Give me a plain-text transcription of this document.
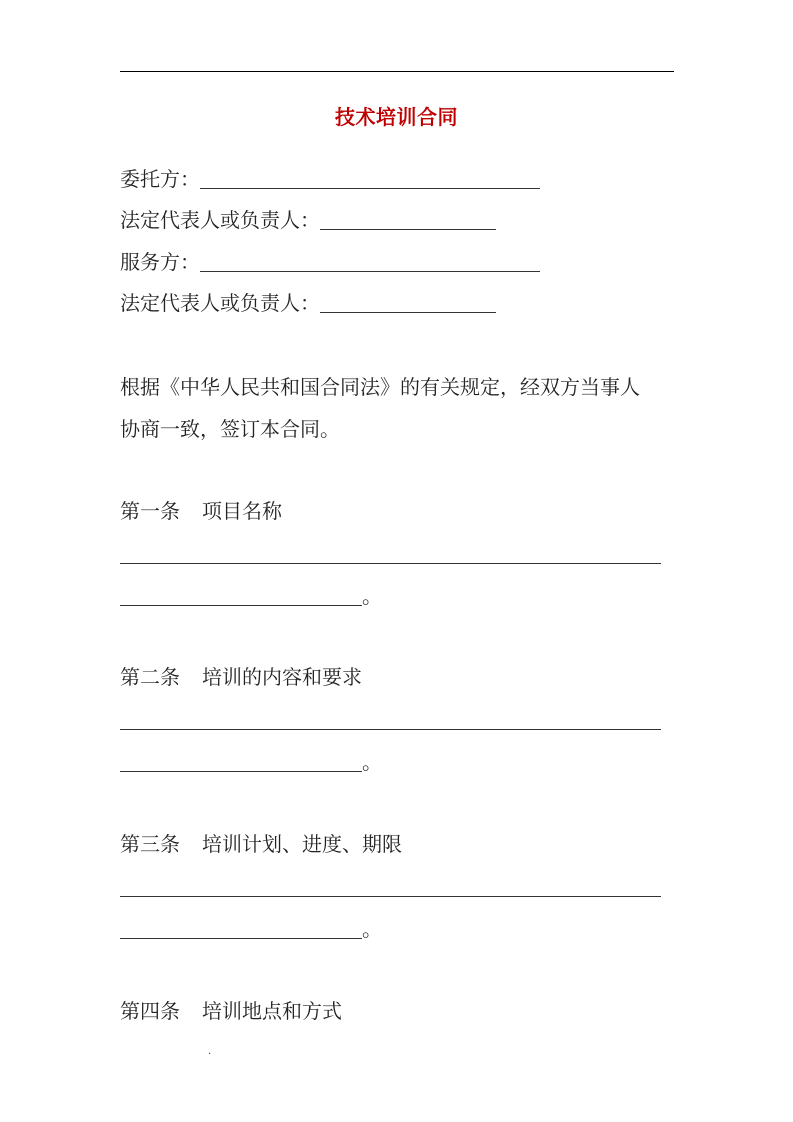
技术培训合同
委托方：
法定代表人或负责人：
服务方：
法定代表人或负责人：
根据《中华人民共和国合同法》的有关规定，经双方当事人
协商一致，签订本合同。
第一条 项目名称
。
第二条 培训的内容和要求
。
第三条 培训计划、进度、期限
。
第四条 培训地点和方式
.
